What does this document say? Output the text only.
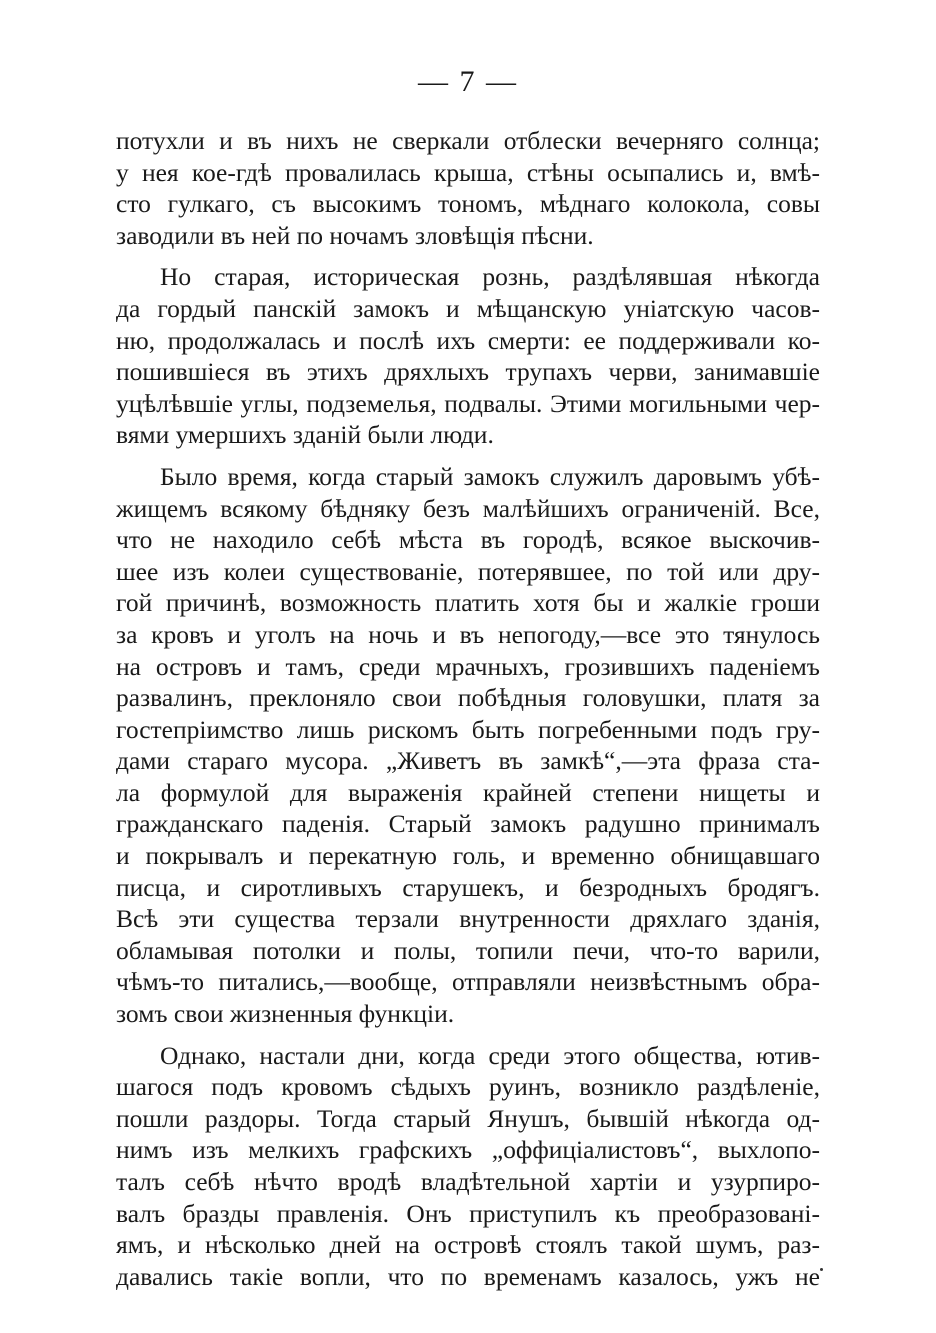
— 7 —
потухли и въ нихъ не сверкали отблески вечерняго солнца;
у нея кое-гдѣ провалилась крыша, стѣны осыпались и, вмѣ-
сто гулкаго, съ высокимъ тономъ, мѣднаго колокола, совы
заводили въ ней по ночамъ зловѣщія пѣсни.
Но старая, историческая рознь, раздѣлявшая нѣкогда
да гордый панскій замокъ и мѣщанскую уніатскую часов-
ню, продолжалась и послѣ ихъ смерти: ее поддерживали ко-
пошившіеся въ этихъ дряхлыхъ трупахъ черви, занимавшіе
уцѣлѣвшіе углы, подземелья, подвалы. Этими могильными чер-
вями умершихъ зданій были люди.
Было время, когда старый замокъ служилъ даровымъ убѣ-
жищемъ всякому бѣдняку безъ малѣйшихъ ограниченій. Все,
что не находило себѣ мѣста въ городѣ, всякое выскочив-
шее изъ колеи существованіе, потерявшее, по той или дру-
гой причинѣ, возможность платить хотя бы и жалкіе гроши
за кровъ и уголъ на ночь и въ непогоду,—все это тянулось
на островъ и тамъ, среди мрачныхъ, грозившихъ паденіемъ
развалинъ, преклоняло свои побѣдныя головушки, платя за
гостепріимство лишь рискомъ быть погребенными подъ гру-
дами стараго мусора. „Живетъ въ замкѣ“,—эта фраза ста-
ла формулой для выраженія крайней степени нищеты и
гражданскаго паденія. Старый замокъ радушно принималъ
и покрывалъ и перекатную голь, и временно обнищавшаго
писца, и сиротливыхъ старушекъ, и безродныхъ бродягъ.
Всѣ эти существа терзали внутренности дряхлаго зданія,
обламывая потолки и полы, топили печи, что-то варили,
чѣмъ-то питались,—вообще, отправляли неизвѣстнымъ обра-
зомъ свои жизненныя функціи.
Однако, настали дни, когда среди этого общества, ютив-
шагося подъ кровомъ сѣдыхъ руинъ, возникло раздѣленіе,
пошли раздоры. Тогда старый Янушъ, бывшій нѣкогда од-
нимъ изъ мелкихъ графскихъ „оффиціалистовъ“, выхлопо-
талъ себѣ нѣчто вродѣ владѣтельной хартіи и узурпиро-
валъ бразды правленія. Онъ приступилъ къ преобразовані-
ямъ, и нѣсколько дней на островѣ стоялъ такой шумъ, раз-
давались такіе вопли, что по временамъ казалось, ужъ не
